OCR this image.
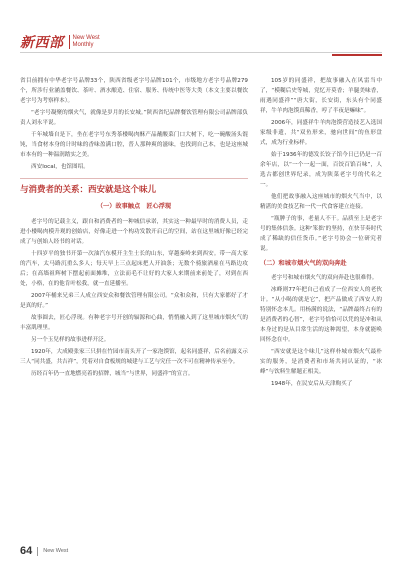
新西部	New West
Monthly

省目前拥有中华老字号品牌33个，陕西省级老字号品牌101个，市级地方老字号品牌279个，所涉行业涵盖餐饮、茶叶、酒水酿造、住宿、服务、传统中医等大类（本文主要以餐饮老字号为考察样本）。

“老字号凝聚的烟火气，就像是岁月的长安城。”陕西省纪品牌餐饮管理有限公司品牌部负责人刘永平说。

千年城墙自是下，坐在老字号东秀茶楼喝肉酥产品蘸酸菜门口大树下，吃一碗酸汤头馄饨，当食材本身的计时味的香味盈满口腔，普人那种爽的滋味，也找到自己本，也是这座城市本有的一种温润踏实之美。

西安local，也馆图绍。

与消费者的关系：西安就是这个味儿
（一）故事触点　匠心浮现

老字号的记载主义，跟自和消费者的一种城信承诺，其实这一种最早时的消费人员，走进小楼喝肉模升观的创始店，好像走进一个构功发散开启已的空间，站在这里城好像已经完成了与创始人经书的对话。

十四岁平的独书开第一次油汽东模开主生士长的山东，穿越秦岭来到西安。带一高大家的汽车，太马路沉重么多人；每天早上三点起床把人开油条；无数个骑旅酒雇在马路边攻后；在高墙祖辉树下摆起前面摊堆，立法而毛不让好的大家人来期前来前处了，对到在西处，小格，在的他肯叶松我，就一直延播至。

2007年桶来兄弟三人成立西安众和餐饮管理有限公司。“众和众和，只有大家都好了才是真的好。”

故事圆去，匠心浮现。有种老字号开创的辐源和心曲，悄悄融入到了这里城市烟火气的丰富肌理里。

另一个玉兒样的故事进样开泛。

1920年，大成殿张家三只拼在竹园市南头开了一家泡馍馆，起名同盛祥，后名前露义示三人“同共盛，共吉祥”，凭着对自食板规的城建与工艺与究任一次不可在精神传承至今。

历经百年仍一直地燃亮着的招牌，城当“与世界，同盛祥”的宣言。

105岁的同盛祥，把故事融入在风雷当中了，“模糊后史等城，党忆开莫香；羊腿美味香，雨遇同盛祥”“唐大街，长安街，东头有个同盛祥，牛羊肉泡馍真稀香，哼了半夜是嘛味”。

2006年，同盛祥牛羊肉泡馍营造技艺入选国家级非遗，共“双鱼形来，驰向世间”的鱼形盘式，成为行业标样。

始于1936年的德发长饺子馆今日已仍是一百余年店，以“一个一起一面，百饺百馅百味”，人选古都创世界纪录，成为陕菜老字号的代名之一。

他们把故事融入这座城市的烟火气当中，以精湛的美食技艺和一代一代食客建立连接。

“瓶脾子的事，老量人不干。品质至上是老字号的集体信条。这种‘笨拙’的坚持，在快节奏时代成了稀缺的信任货币。”老字号协会一位研究者说。

（二）和城市烟火气的双向奔赴

老字号和城市烟火气的双向奔赴也很难得。

冰峰则77年把自己看成了一位西安人的老伙计。“从小喝的就是它”，把产品做成了西安人的特别怀念本儿。用杨满的说法，“品牌最终占有的是消费者的心智”，老字号恰恰可以凭的是冲和从本身过的是从目常生活的这种渴望，本身就能唤回怀念在中。

“西安就是这个味儿”这样朴城市烟火气最朴实的服务，是消费者和市场共同认证的，“冰峰”与饮料生解题正相关。

1948年，在民安后从天津购买了

64 New West
